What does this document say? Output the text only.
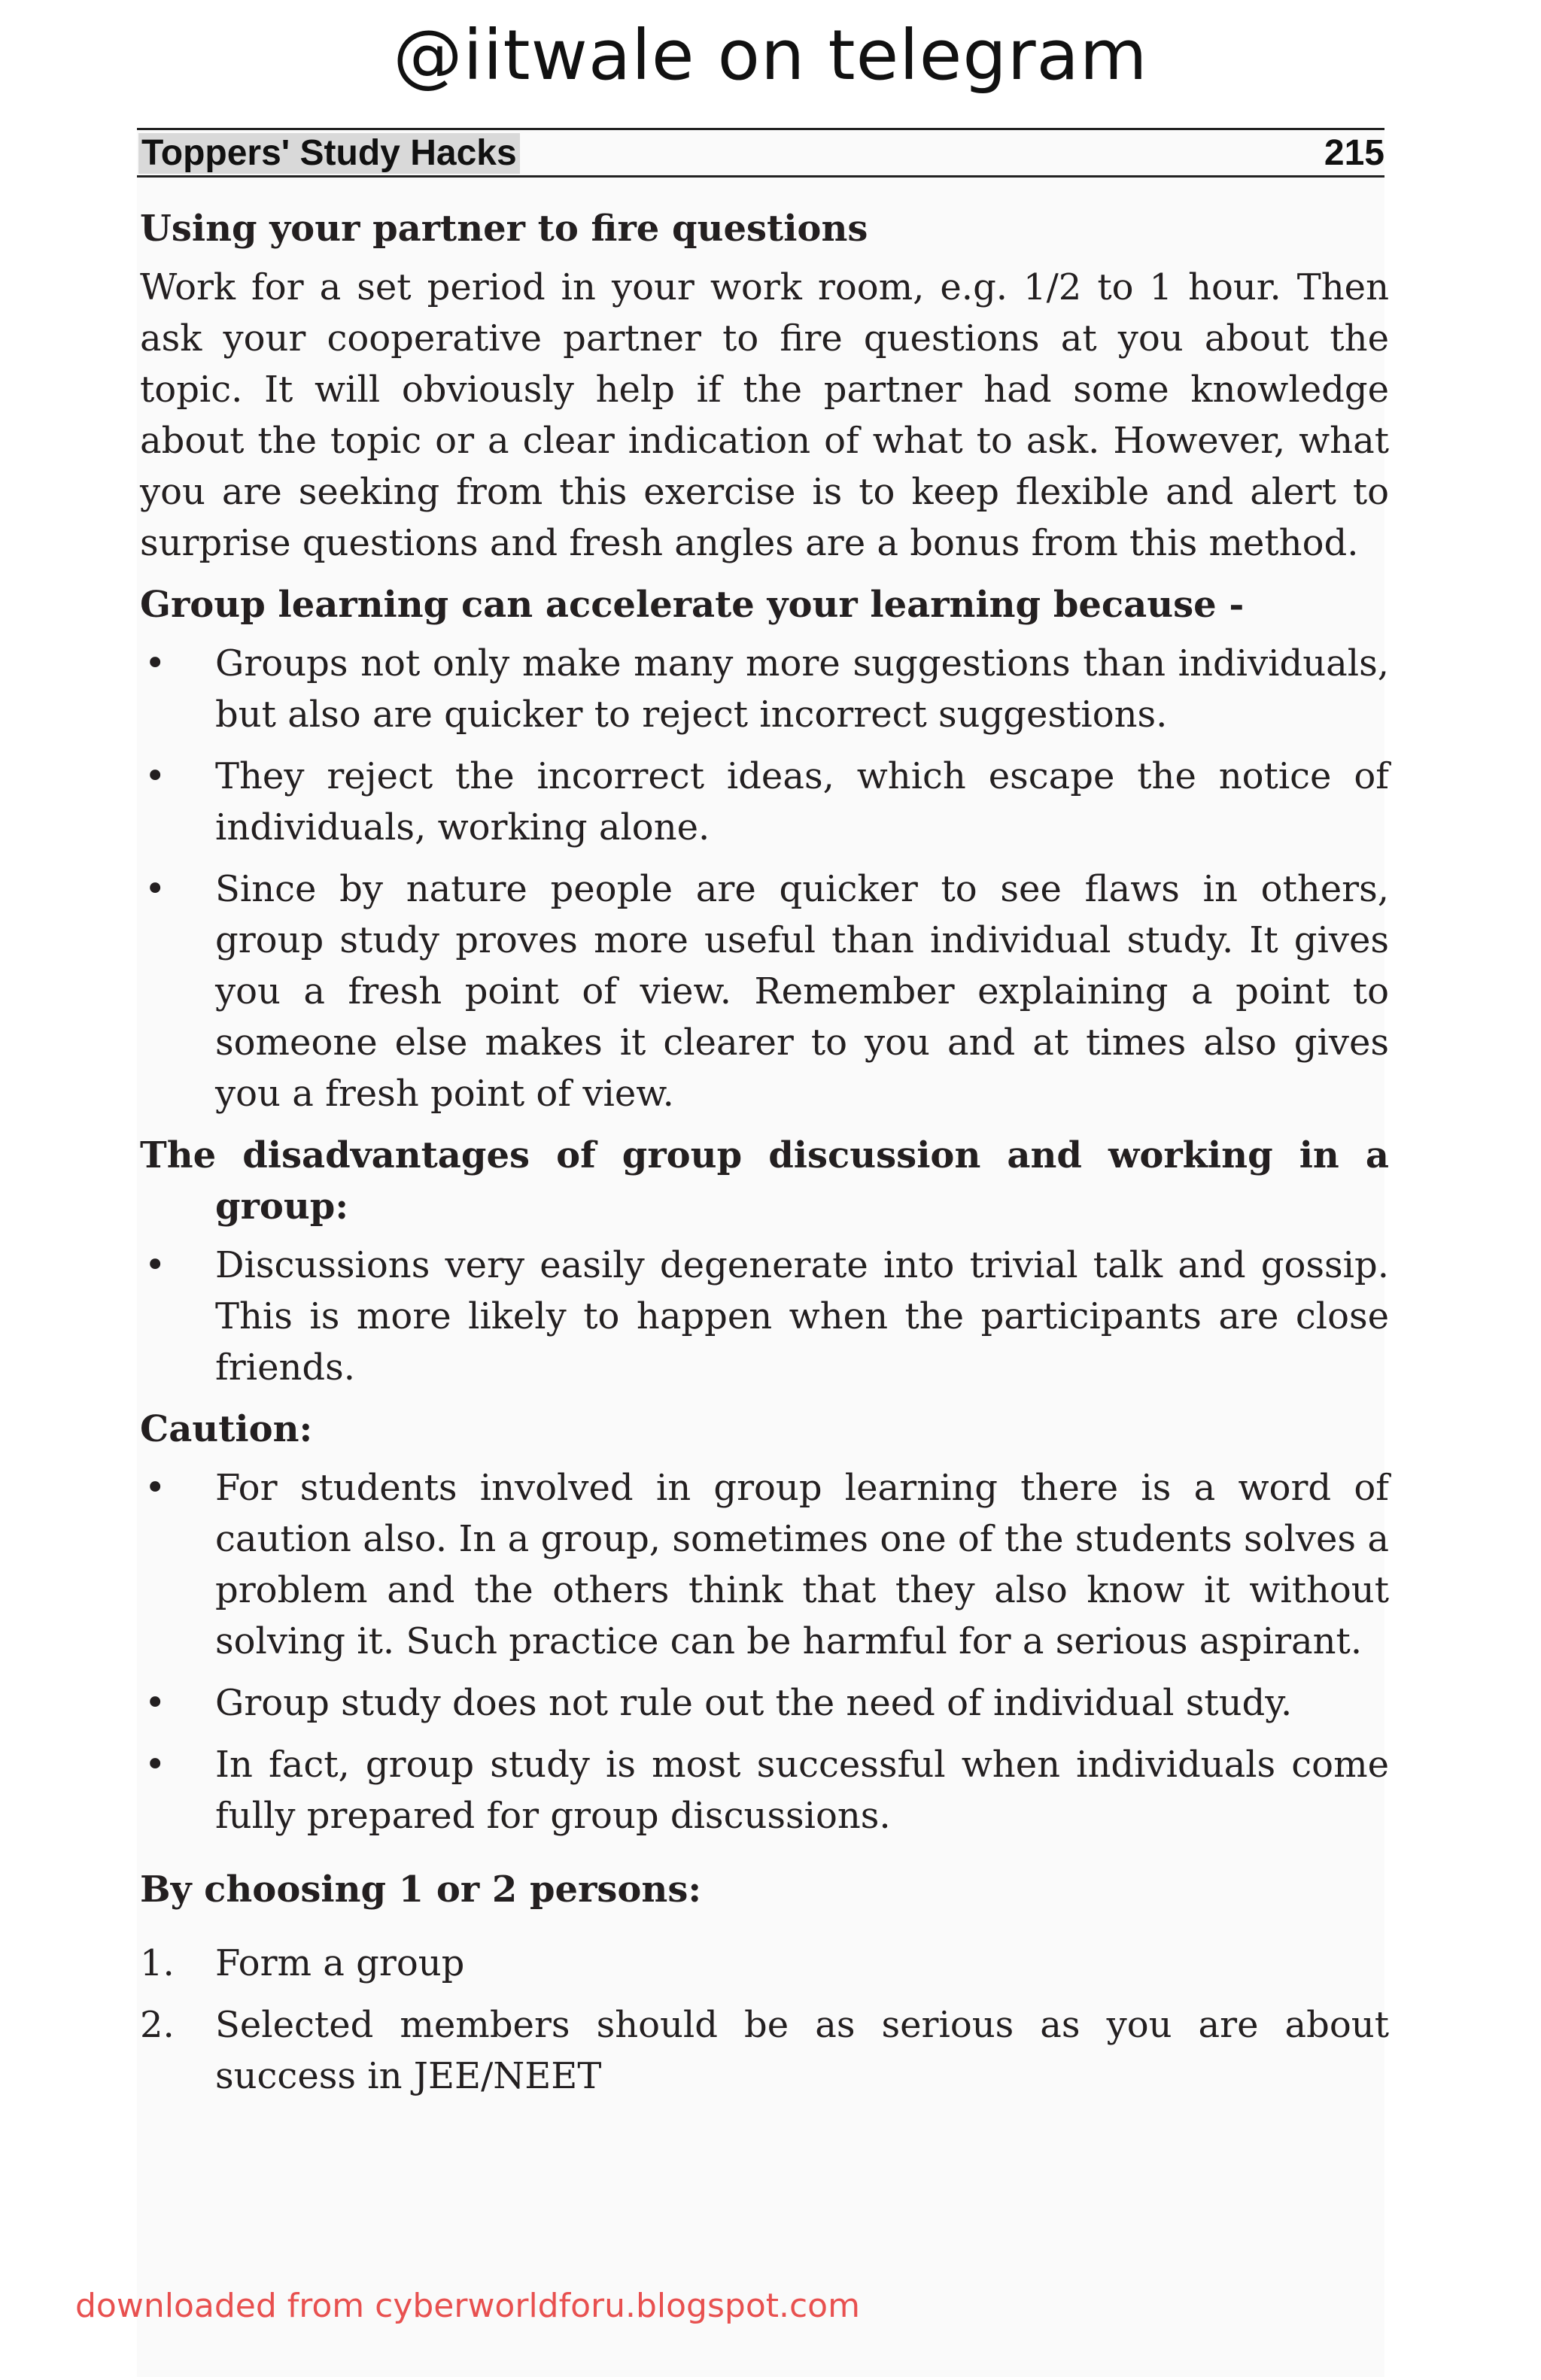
@iitwale on telegram
Toppers' Study Hacks	215
Using your partner to fire questions
Work for a set period in your work room, e.g. 1/2 to 1 hour. Then ask your cooperative partner to fire questions at you about the topic. It will obviously help if the partner had some knowledge about the topic or a clear indication of what to ask. However, what you are seeking from this exercise is to keep flexible and alert to surprise questions and fresh angles are a bonus from this method.
Group learning can accelerate your learning because -
• Groups not only make many more suggestions than individuals, but also are quicker to reject incorrect suggestions.
• They reject the incorrect ideas, which escape the notice of individuals, working alone.
• Since by nature people are quicker to see flaws in others, group study proves more useful than individual study. It gives you a fresh point of view. Remember explaining a point to someone else makes it clearer to you and at times also gives you a fresh point of view.
The disadvantages of group discussion and working in a group:
• Discussions very easily degenerate into trivial talk and gossip. This is more likely to happen when the participants are close friends.
Caution:
• For students involved in group learning there is a word of caution also. In a group, sometimes one of the students solves a problem and the others think that they also know it without solving it. Such practice can be harmful for a serious aspirant.
• Group study does not rule out the need of individual study.
• In fact, group study is most successful when individuals come fully prepared for group discussions.
By choosing 1 or 2 persons:
1. Form a group
2. Selected members should be as serious as you are about success in JEE/NEET
downloaded from cyberworldforu.blogspot.com
